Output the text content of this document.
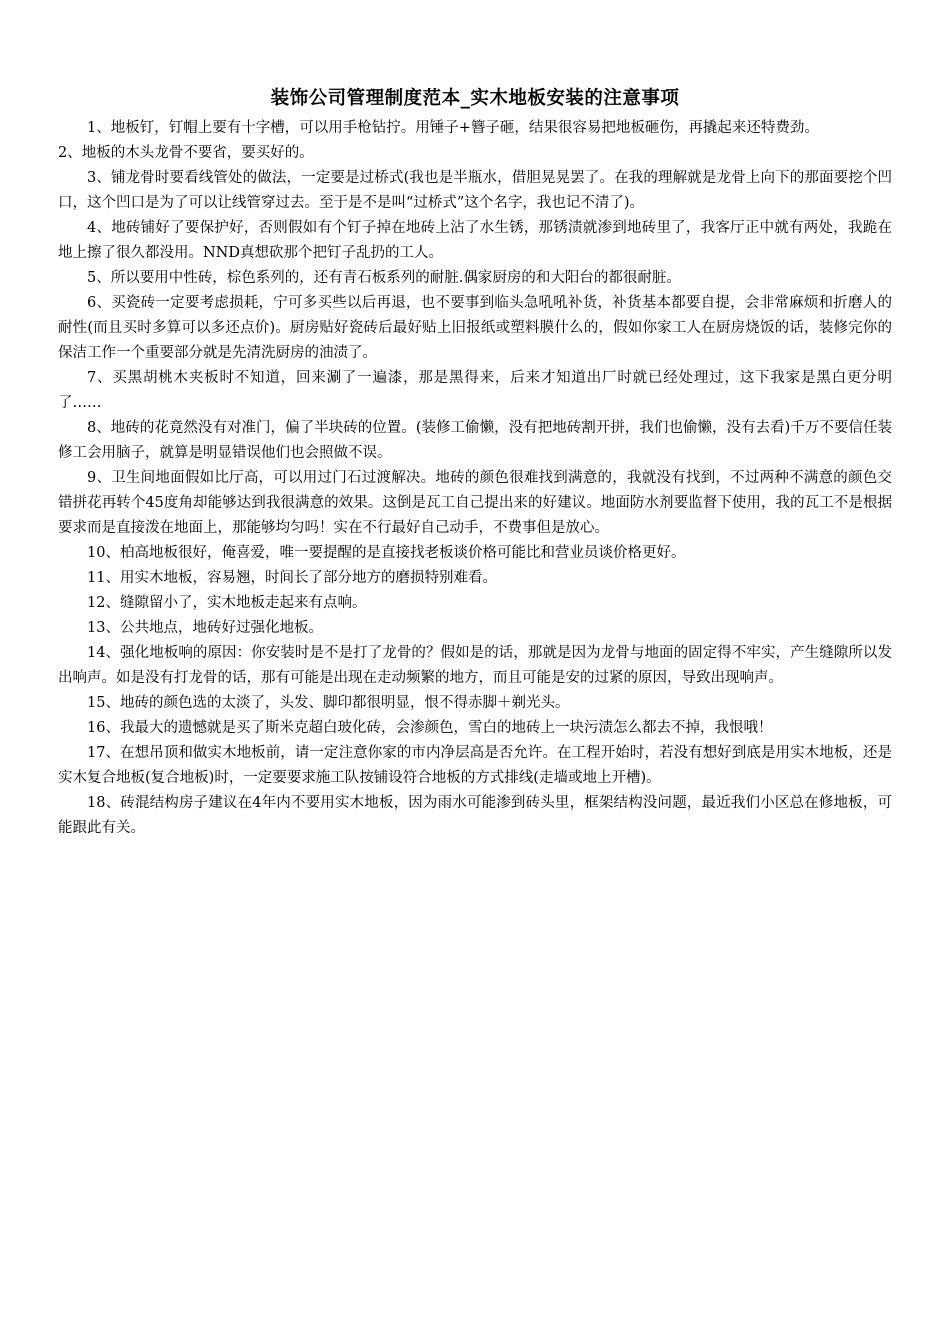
装饰公司管理制度范本_实木地板安装的注意事项

1、地板钉，钉帽上要有十字槽，可以用手枪钻拧。用锤子+簪子砸，结果很容易把地板砸伤，再撬起来还特费劲。

2、地板的木头龙骨不要省，要买好的。

3、铺龙骨时要看线管处的做法，一定要是过桥式(我也是半瓶水，借胆晃晃罢了。在我的理解就是龙骨上向下的那面要挖个凹口，这个凹口是为了可以让线管穿过去。至于是不是叫“过桥式”这个名字，我也记不清了)。

4、地砖铺好了要保护好，否则假如有个钉子掉在地砖上沾了水生锈，那锈渍就渗到地砖里了，我客厅正中就有两处，我跪在地上擦了很久都没用。NND真想砍那个把钉子乱扔的工人。

5、所以要用中性砖，棕色系列的，还有青石板系列的耐脏.偶家厨房的和大阳台的都很耐脏。

6、买瓷砖一定要考虑损耗，宁可多买些以后再退，也不要事到临头急吼吼补货，补货基本都要自提，会非常麻烦和折磨人的耐性(而且买时多算可以多还点价)。厨房贴好瓷砖后最好贴上旧报纸或塑料膜什么的，假如你家工人在厨房烧饭的话，装修完你的保洁工作一个重要部分就是先清洗厨房的油渍了。

7、买黑胡桃木夹板时不知道，回来涮了一遍漆，那是黑得来，后来才知道出厂时就已经处理过，这下我家是黑白更分明了……

8、地砖的花竟然没有对准门，偏了半块砖的位置。(装修工偷懒，没有把地砖割开拼，我们也偷懒，没有去看)千万不要信任装修工会用脑子，就算是明显错误他们也会照做不误。

9、卫生间地面假如比厅高，可以用过门石过渡解决。地砖的颜色很难找到满意的，我就没有找到，不过两种不满意的颜色交错拼花再转个45度角却能够达到我很满意的效果。这倒是瓦工自己提出来的好建议。地面防水剂要监督下使用，我的瓦工不是根据要求而是直接泼在地面上，那能够均匀吗！实在不行最好自己动手，不费事但是放心。

10、柏高地板很好，俺喜爱，唯一要提醒的是直接找老板谈价格可能比和营业员谈价格更好。

11、用实木地板，容易翘，时间长了部分地方的磨损特别难看。

12、缝隙留小了，实木地板走起来有点响。

13、公共地点，地砖好过强化地板。

14、强化地板响的原因：你安装时是不是打了龙骨的？假如是的话，那就是因为龙骨与地面的固定得不牢实，产生缝隙所以发出响声。如是没有打龙骨的话，那有可能是出现在走动频繁的地方，而且可能是安的过紧的原因，导致出现响声。

15、地砖的颜色选的太淡了，头发、脚印都很明显，恨不得赤脚＋剃光头。

16、我最大的遗憾就是买了斯米克超白玻化砖，会渗颜色，雪白的地砖上一块污渍怎么都去不掉，我恨哦！

17、在想吊顶和做实木地板前，请一定注意你家的市内净层高是否允许。在工程开始时，若没有想好到底是用实木地板，还是实木复合地板(复合地板)时，一定要要求施工队按铺设符合地板的方式排线(走墙或地上开槽)。

18、砖混结构房子建议在4年内不要用实木地板，因为雨水可能渗到砖头里，框架结构没问题，最近我们小区总在修地板，可能跟此有关。
